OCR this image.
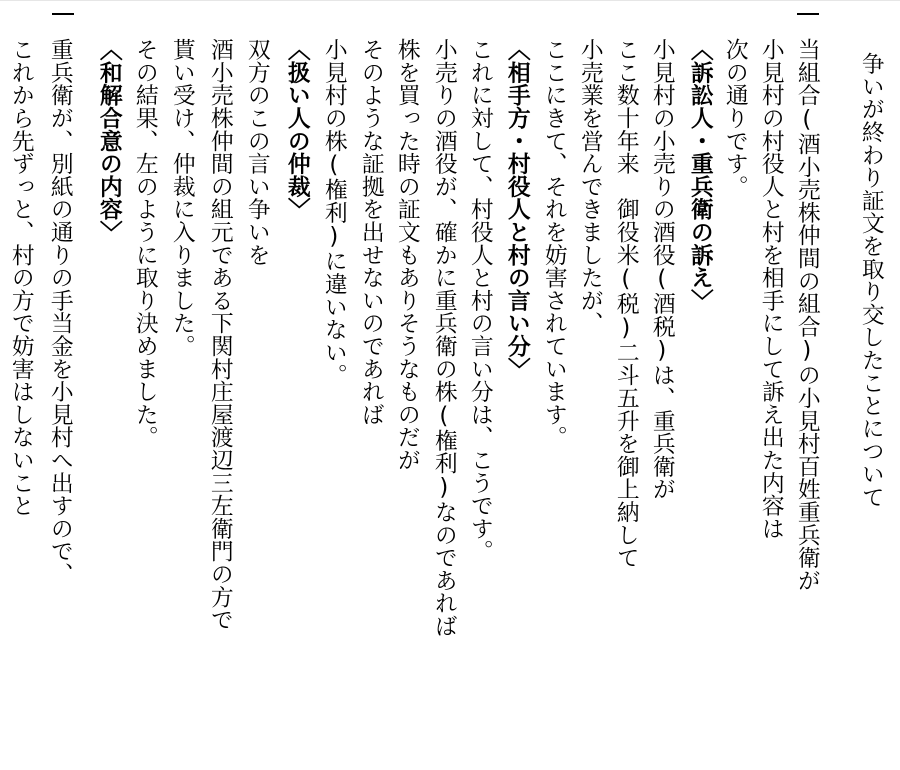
争いが終わり証文を取り交したことについて
当組合(酒小売株仲間の組合)の小見村百姓重兵衛が
小見村の村役人と村を相手にして訴え出た内容は
次の通りです。
〈訴訟人・重兵衛の訴え〉
小見村の小売りの酒役(酒税)は、重兵衛が
ここ数十年来　御役米(税)二斗五升を御上納して
小売業を営んできましたが、
ここにきて、それを妨害されています。
〈相手方・村役人と村の言い分〉
これに対して、村役人と村の言い分は、こうです。
小売りの酒役が、確かに重兵衛の株(権利)なのであれば
株を買った時の証文もありそうなものだが
そのような証拠を出せないのであれば
小見村の株(権利)に違いない。
〈扱い人の仲裁〉
双方のこの言い争いを
酒小売株仲間の組元である下関村庄屋渡辺三左衛門の方で
貰い受け、仲裁に入りました。
その結果、左のように取り決めました。
〈和解合意の内容〉
重兵衛が、別紙の通りの手当金を小見村へ出すので、
これから先ずっと、村の方で妨害はしないこと
